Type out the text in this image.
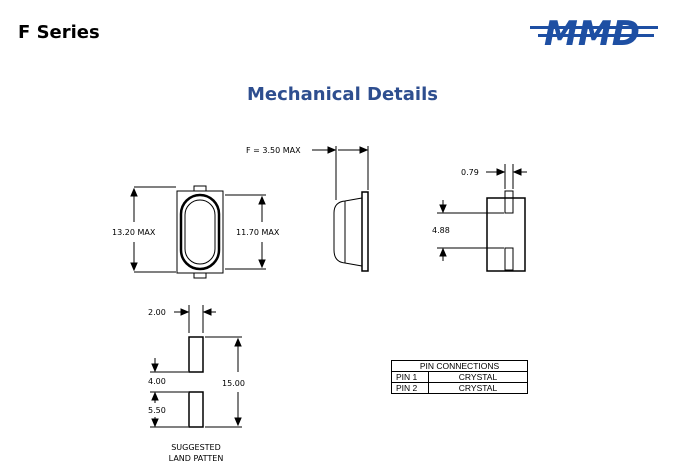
F Series	MMD
Mechanical Details
13.20 MAX	11.70 MAX
F = 3.50 MAX
0.79
4.88
2.00
4.00	15.00
5.50
SUGGESTED
LAND PATTEN
PIN CONNECTIONS	
PIN 1	CRYSTAL
PIN 2	CRYSTAL
